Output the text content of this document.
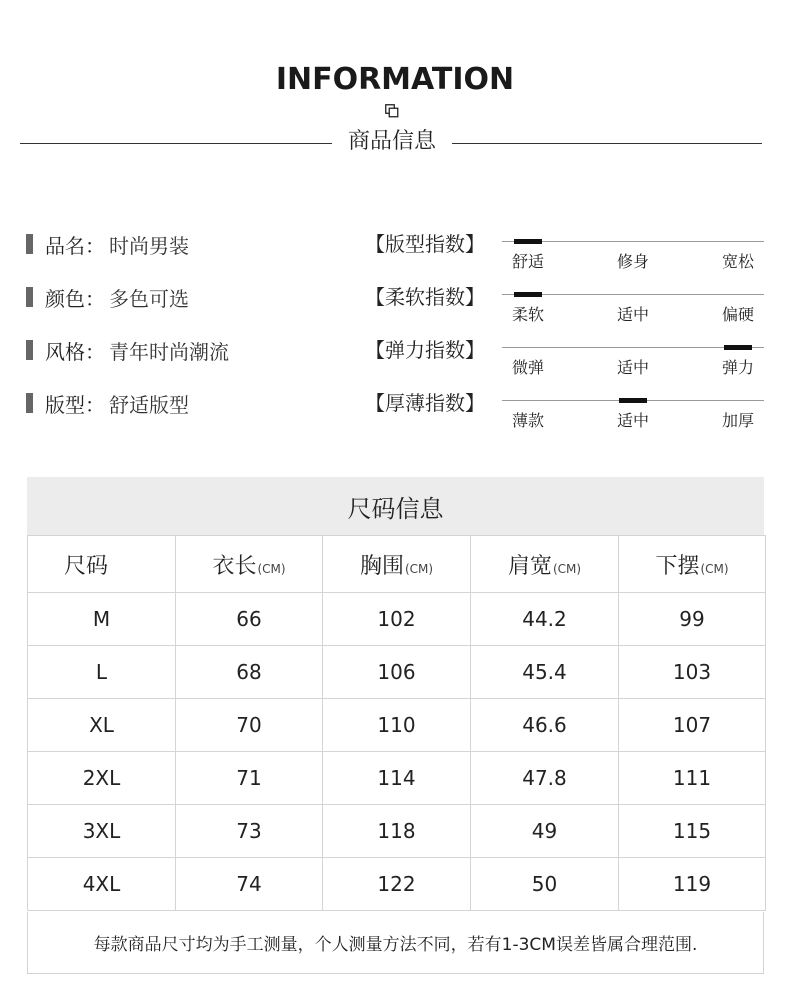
INFORMATION
商品信息
品名： 时尚男装
颜色： 多色可选
风格： 青年时尚潮流
版型： 舒适版型
【版型指数】
【柔软指数】
【弹力指数】
【厚薄指数】
舒适	修身	宽松
柔软	适中	偏硬
微弹	适中	弹力
薄款	适中	加厚
尺码信息
尺码	衣长(CM)	胸围(CM)	肩宽(CM)	下摆(CM)
M	66	102	44.2	99
L	68	106	45.4	103
XL	70	110	46.6	107
2XL	71	114	47.8	111
3XL	73	118	49	115
4XL	74	122	50	119
每款商品尺寸均为手工测量，个人测量方法不同，若有1-3CM误差皆属合理范围.
